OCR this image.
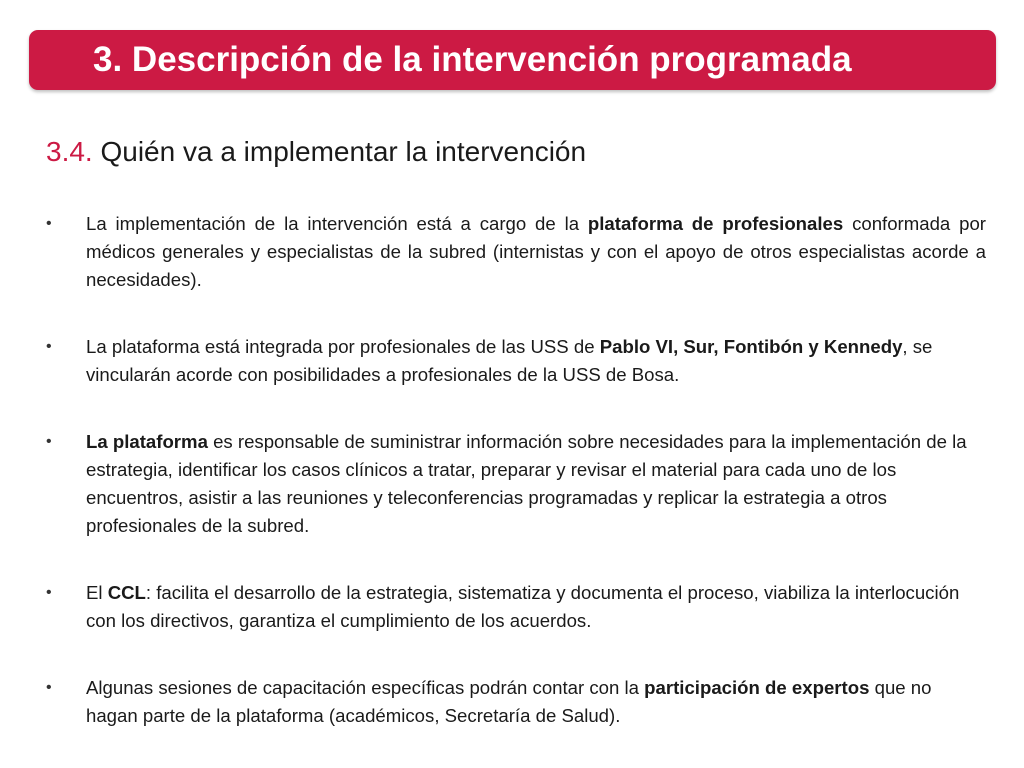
3. Descripción de la intervención programada
3.4. Quién va a implementar la intervención
•	La implementación de la intervención está a cargo de la plataforma de profesionales conformada por médicos generales y especialistas de la subred (internistas y con el apoyo de otros especialistas acorde a necesidades).
•	La plataforma está integrada por profesionales de las USS de Pablo VI, Sur, Fontibón y Kennedy, se vincularán acorde con posibilidades a profesionales de la USS de Bosa.
•	La plataforma es responsable de suministrar información sobre necesidades para la implementación de la estrategia, identificar los casos clínicos a tratar, preparar y revisar el material para cada uno de los encuentros, asistir a las reuniones y teleconferencias programadas y replicar la estrategia a otros profesionales de la subred.
•	El CCL: facilita el desarrollo de la estrategia, sistematiza y documenta el proceso, viabiliza la interlocución con los directivos, garantiza el cumplimiento de los acuerdos.
•	Algunas sesiones de capacitación específicas podrán contar con la participación de expertos que no hagan parte de la plataforma (académicos, Secretaría de Salud).
